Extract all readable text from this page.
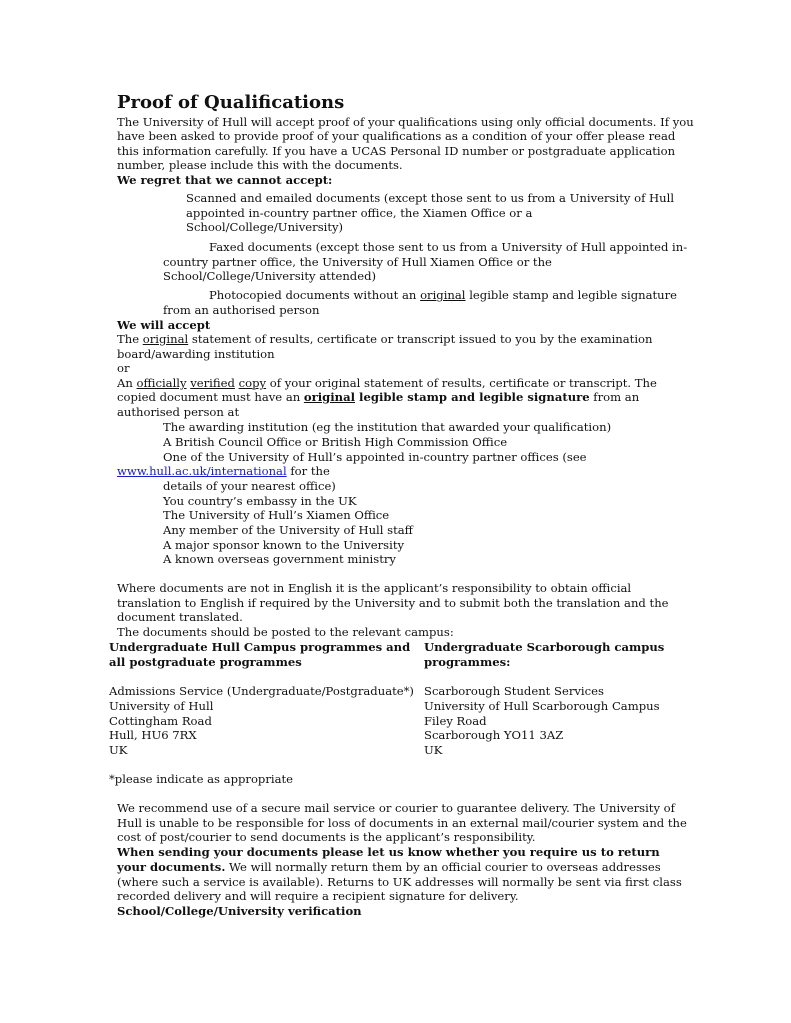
Proof of Qualifications
The University of Hull will accept proof of your qualifications using only official documents. If you
have been asked to provide proof of your qualifications as a condition of your offer please read
this information carefully. If you have a UCAS Personal ID number or postgraduate application
number, please include this with the documents.
We regret that we cannot accept:
Scanned and emailed documents (except those sent to us from a University of Hull
appointed in-country partner office, the Xiamen Office or a
School/College/University)
Faxed documents (except those sent to us from a University of Hull appointed in-
country partner office, the University of Hull Xiamen Office or the
School/College/University attended)
Photocopied documents without an original legible stamp and legible signature
from an authorised person
We will accept
The original statement of results, certificate or transcript issued to you by the examination
board/awarding institution
or
An officially verified copy of your original statement of results, certificate or transcript. The
copied document must have an original legible stamp and legible signature from an
authorised person at
The awarding institution (eg the institution that awarded your qualification)
A British Council Office or British High Commission Office
One of the University of Hull’s appointed in-country partner offices (see
www.hull.ac.uk/international for the
details of your nearest office)
You country’s embassy in the UK
The University of Hull’s Xiamen Office
Any member of the University of Hull staff
A major sponsor known to the University
A known overseas government ministry
Where documents are not in English it is the applicant’s responsibility to obtain official
translation to English if required by the University and to submit both the translation and the
document translated.
The documents should be posted to the relevant campus:
Undergraduate Hull Campus programmes and
all postgraduate programmes
Admissions Service (Undergraduate/Postgraduate*)
University of Hull
Cottingham Road
Hull, HU6 7RX
UK
Undergraduate Scarborough campus
programmes:
Scarborough Student Services
University of Hull Scarborough Campus
Filey Road
Scarborough YO11 3AZ
UK
*please indicate as appropriate
We recommend use of a secure mail service or courier to guarantee delivery. The University of
Hull is unable to be responsible for loss of documents in an external mail/courier system and the
cost of post/courier to send documents is the applicant’s responsibility.
When sending your documents please let us know whether you require us to return
your documents. We will normally return them by an official courier to overseas addresses
(where such a service is available). Returns to UK addresses will normally be sent via first class
recorded delivery and will require a recipient signature for delivery.
School/College/University verification
